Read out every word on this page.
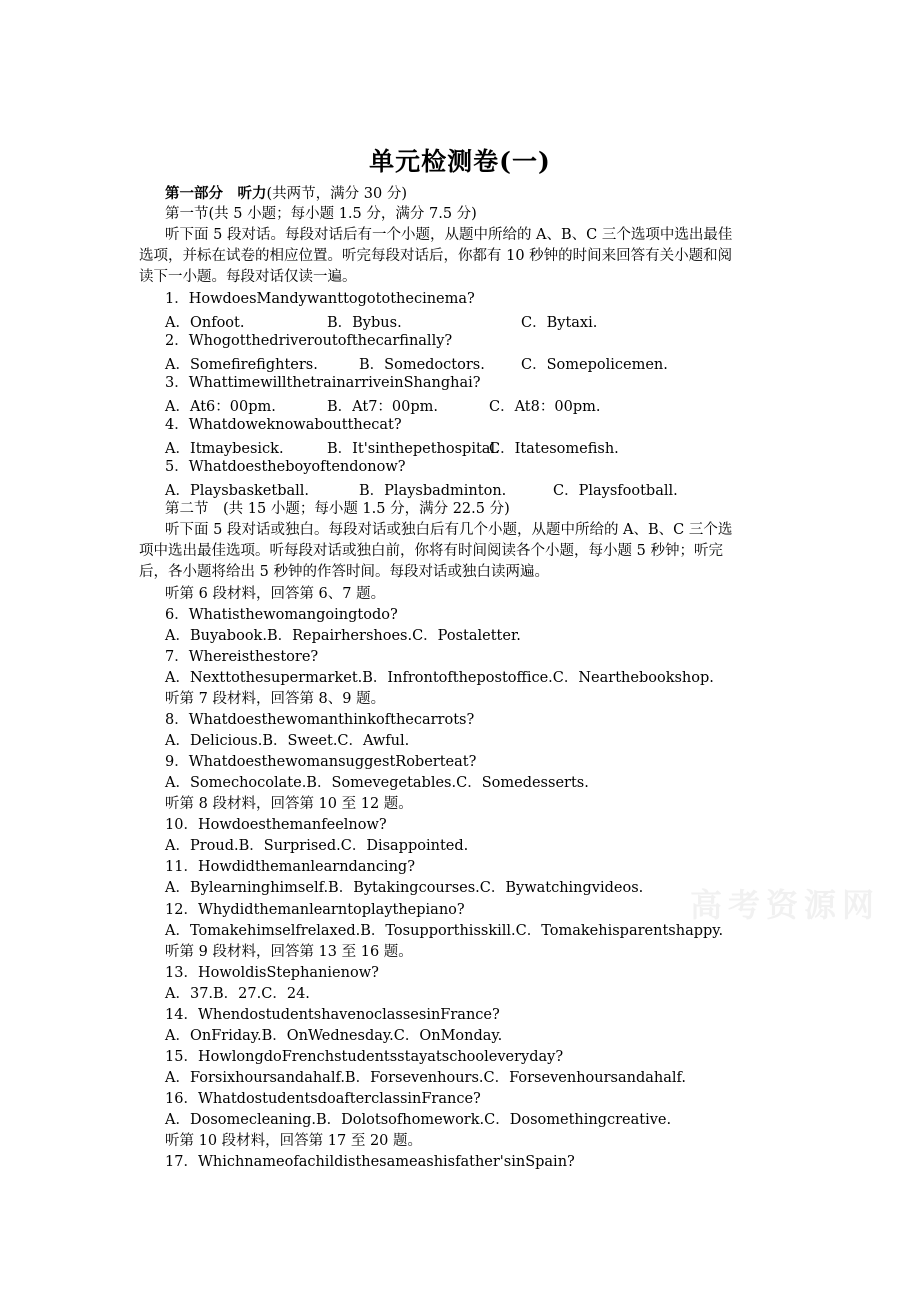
高考资源网
单元检测卷(一)
第一部分　听力(共两节，满分 30 分)
第一节(共 5 小题；每小题 1.5 分，满分 7.5 分)
听下面 5 段对话。每段对话后有一个小题，从题中所给的 A、B、C 三个选项中选出最佳
选项，并标在试卷的相应位置。听完每段对话后，你都有 10 秒钟的时间来回答有关小题和阅
读下一小题。每段对话仅读一遍。
1．HowdoesMandywanttogotothecinema?
A．Onfoot.	B．Bybus.	C．Bytaxi.
2．Whogotthedriveroutofthecarfinally?
A．Somefirefighters.	B．Somedoctors. C．Somepolicemen.
3．WhattimewillthetrainarriveinShanghai?
A．At6：00pm.	B．At7：00pm.	C．At8：00pm.
4．Whatdoweknowaboutthecat?
A．Itmaybesick.	B．It'sinthepethospital.
C．Itatesomefish.
5．Whatdoestheboyoftendonow?
A．Playsbasketball.	B．Playsbadminton.	C．Playsfootball.
第二节　(共 15 小题；每小题 1.5 分，满分 22.5 分)
听下面 5 段对话或独白。每段对话或独白后有几个小题，从题中所给的 A、B、C 三个选
项中选出最佳选项。听每段对话或独白前，你将有时间阅读各个小题，每小题 5 秒钟；听完
后，各小题将给出 5 秒钟的作答时间。每段对话或独白读两遍。
听第 6 段材料，回答第 6、7 题。
6．Whatisthewomangoingtodo?
A．Buyabook.B．Repairhershoes.C．Postaletter.
7．Whereisthestore?
A．Nexttothesupermarket.B．Infrontofthepostoffice.C．Nearthebookshop.
听第 7 段材料，回答第 8、9 题。
8．Whatdoesthewomanthinkofthecarrots?
A．Delicious.B．Sweet.C．Awful.
9．WhatdoesthewomansuggestRoberteat?
A．Somechocolate.B．Somevegetables.C．Somedesserts.
听第 8 段材料，回答第 10 至 12 题。
10．Howdoesthemanfeelnow?
A．Proud.B．Surprised.C．Disappointed.
11．Howdidthemanlearndancing?
A．Bylearninghimself.B．Bytakingcourses.C．Bywatchingvideos.
12．Whydidthemanlearntoplaythepiano?
A．Tomakehimselfrelaxed.B．Tosupporthisskill.C．Tomakehisparentshappy.
听第 9 段材料，回答第 13 至 16 题。
13．HowoldisStephanienow?
A．37.B．27.C．24.
14．WhendostudentshavenoclassesinFrance?
A．OnFriday.B．OnWednesday.C．OnMonday.
15．HowlongdoFrenchstudentsstayatschooleveryday?
A．Forsixhoursandahalf.B．Forsevenhours.C．Forsevenhoursandahalf.
16．WhatdostudentsdoafterclassinFrance?
A．Dosomecleaning.B．Dolotsofhomework.C．Dosomethingcreative.
听第 10 段材料，回答第 17 至 20 题。
17．Whichnameofachildisthesameashisfather'sinSpain?
